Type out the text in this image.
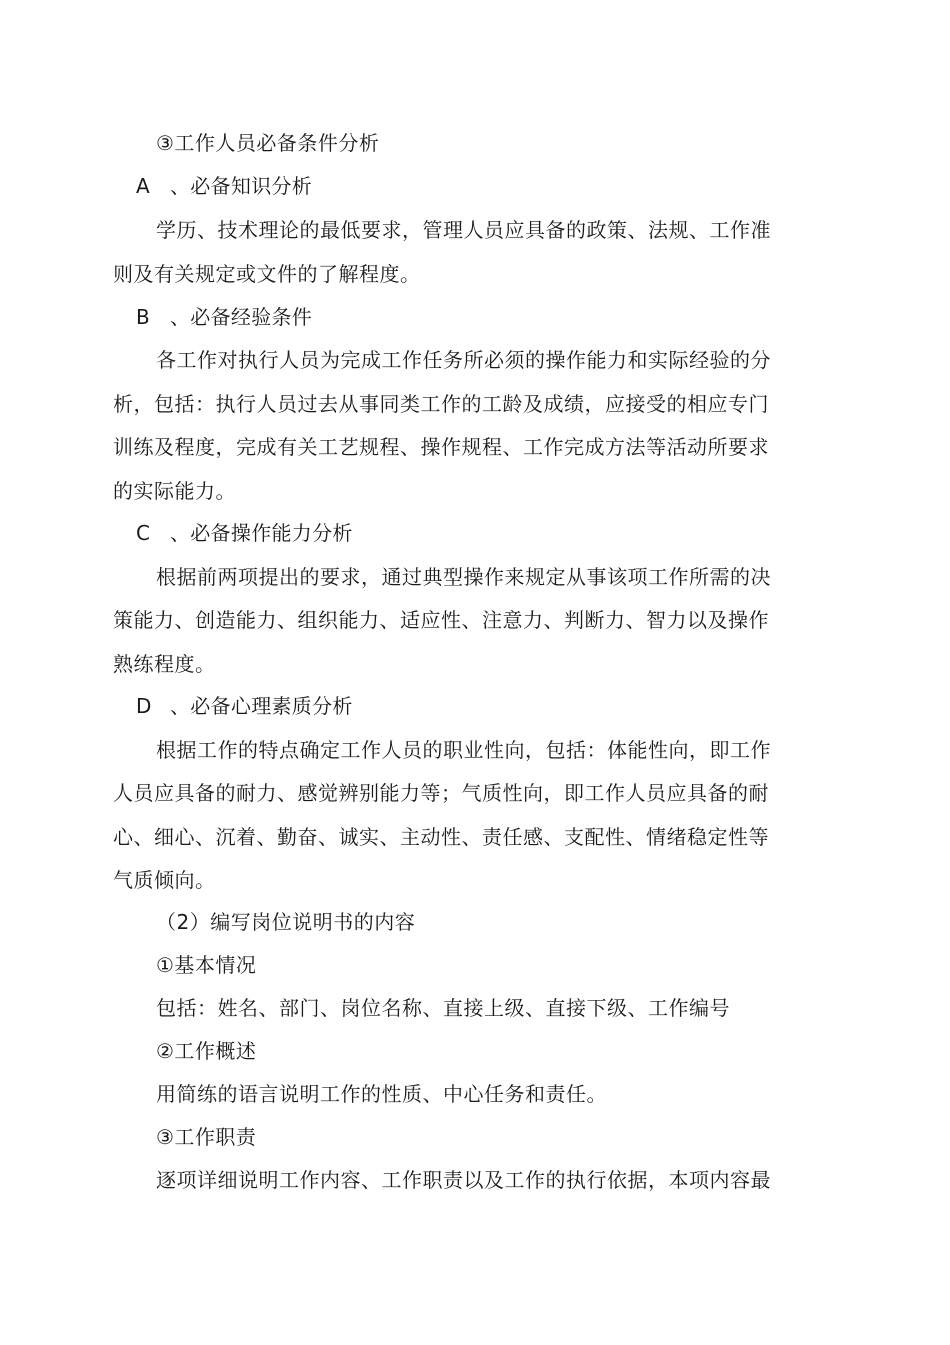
③工作人员必备条件分析
A 、必备知识分析
学历、技术理论的最低要求，管理人员应具备的政策、法规、工作准
则及有关规定或文件的了解程度。
B 、必备经验条件
各工作对执行人员为完成工作任务所必须的操作能力和实际经验的分
析，包括：执行人员过去从事同类工作的工龄及成绩，应接受的相应专门
训练及程度，完成有关工艺规程、操作规程、工作完成方法等活动所要求
的实际能力。
C 、必备操作能力分析
根据前两项提出的要求，通过典型操作来规定从事该项工作所需的决
策能力、创造能力、组织能力、适应性、注意力、判断力、智力以及操作
熟练程度。
D 、必备心理素质分析
根据工作的特点确定工作人员的职业性向，包括：体能性向，即工作
人员应具备的耐力、感觉辨别能力等；气质性向，即工作人员应具备的耐
心、细心、沉着、勤奋、诚实、主动性、责任感、支配性、情绪稳定性等
气质倾向。
（2）编写岗位说明书的内容
①基本情况
包括：姓名、部门、岗位名称、直接上级、直接下级、工作编号
②工作概述
用简练的语言说明工作的性质、中心任务和责任。
③工作职责
逐项详细说明工作内容、工作职责以及工作的执行依据，本项内容最
